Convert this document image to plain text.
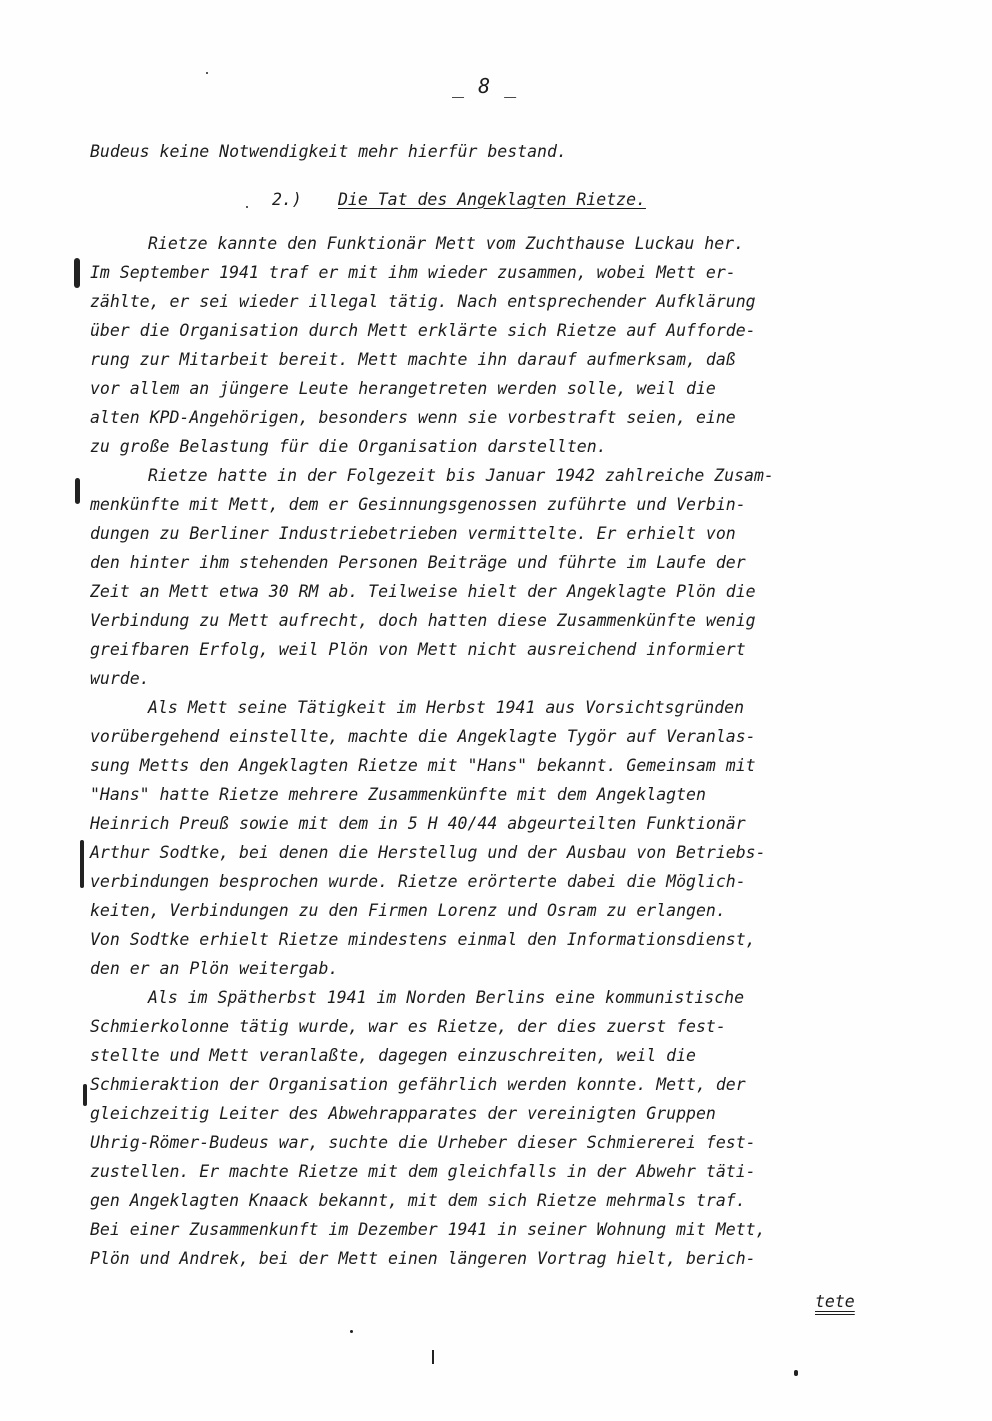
_ 8 _
Budeus keine Notwendigkeit mehr hierfür bestand.
2.) Die Tat des Angeklagten Rietze.
Rietze kannte den Funktionär Mett vom Zuchthause Luckau her.
Im September 1941 traf er mit ihm wieder zusammen, wobei Mett er-
zählte, er sei wieder illegal tätig. Nach entsprechender Aufklärung
über die Organisation durch Mett erklärte sich Rietze auf Aufforde-
rung zur Mitarbeit bereit. Mett machte ihn darauf aufmerksam, daß
vor allem an jüngere Leute herangetreten werden solle, weil die
alten KPD-Angehörigen, besonders wenn sie vorbestraft seien, eine
zu große Belastung für die Organisation darstellten.
Rietze hatte in der Folgezeit bis Januar 1942 zahlreiche Zusam-
menkünfte mit Mett, dem er Gesinnungsgenossen zuführte und Verbin-
dungen zu Berliner Industriebetrieben vermittelte. Er erhielt von
den hinter ihm stehenden Personen Beiträge und führte im Laufe der
Zeit an Mett etwa 30 RM ab. Teilweise hielt der Angeklagte Plön die
Verbindung zu Mett aufrecht, doch hatten diese Zusammenkünfte wenig
greifbaren Erfolg, weil Plön von Mett nicht ausreichend informiert
wurde.
Als Mett seine Tätigkeit im Herbst 1941 aus Vorsichtsgründen
vorübergehend einstellte, machte die Angeklagte Tygör auf Veranlas-
sung Metts den Angeklagten Rietze mit "Hans" bekannt. Gemeinsam mit
"Hans" hatte Rietze mehrere Zusammenkünfte mit dem Angeklagten
Heinrich Preuß sowie mit dem in 5 H 40/44 abgeurteilten Funktionär
Arthur Sodtke, bei denen die Herstellug und der Ausbau von Betriebs-
verbindungen besprochen wurde. Rietze erörterte dabei die Möglich-
keiten, Verbindungen zu den Firmen Lorenz und Osram zu erlangen.
Von Sodtke erhielt Rietze mindestens einmal den Informationsdienst,
den er an Plön weitergab.
Als im Spätherbst 1941 im Norden Berlins eine kommunistische
Schmierkolonne tätig wurde, war es Rietze, der dies zuerst fest-
stellte und Mett veranlaßte, dagegen einzuschreiten, weil die
Schmieraktion der Organisation gefährlich werden konnte. Mett, der
gleichzeitig Leiter des Abwehrapparates der vereinigten Gruppen
Uhrig-Römer-Budeus war, suchte die Urheber dieser Schmiererei fest-
zustellen. Er machte Rietze mit dem gleichfalls in der Abwehr täti-
gen Angeklagten Knaack bekannt, mit dem sich Rietze mehrmals traf.
Bei einer Zusammenkunft im Dezember 1941 in seiner Wohnung mit Mett,
Plön und Andrek, bei der Mett einen längeren Vortrag hielt, berich-
tete
